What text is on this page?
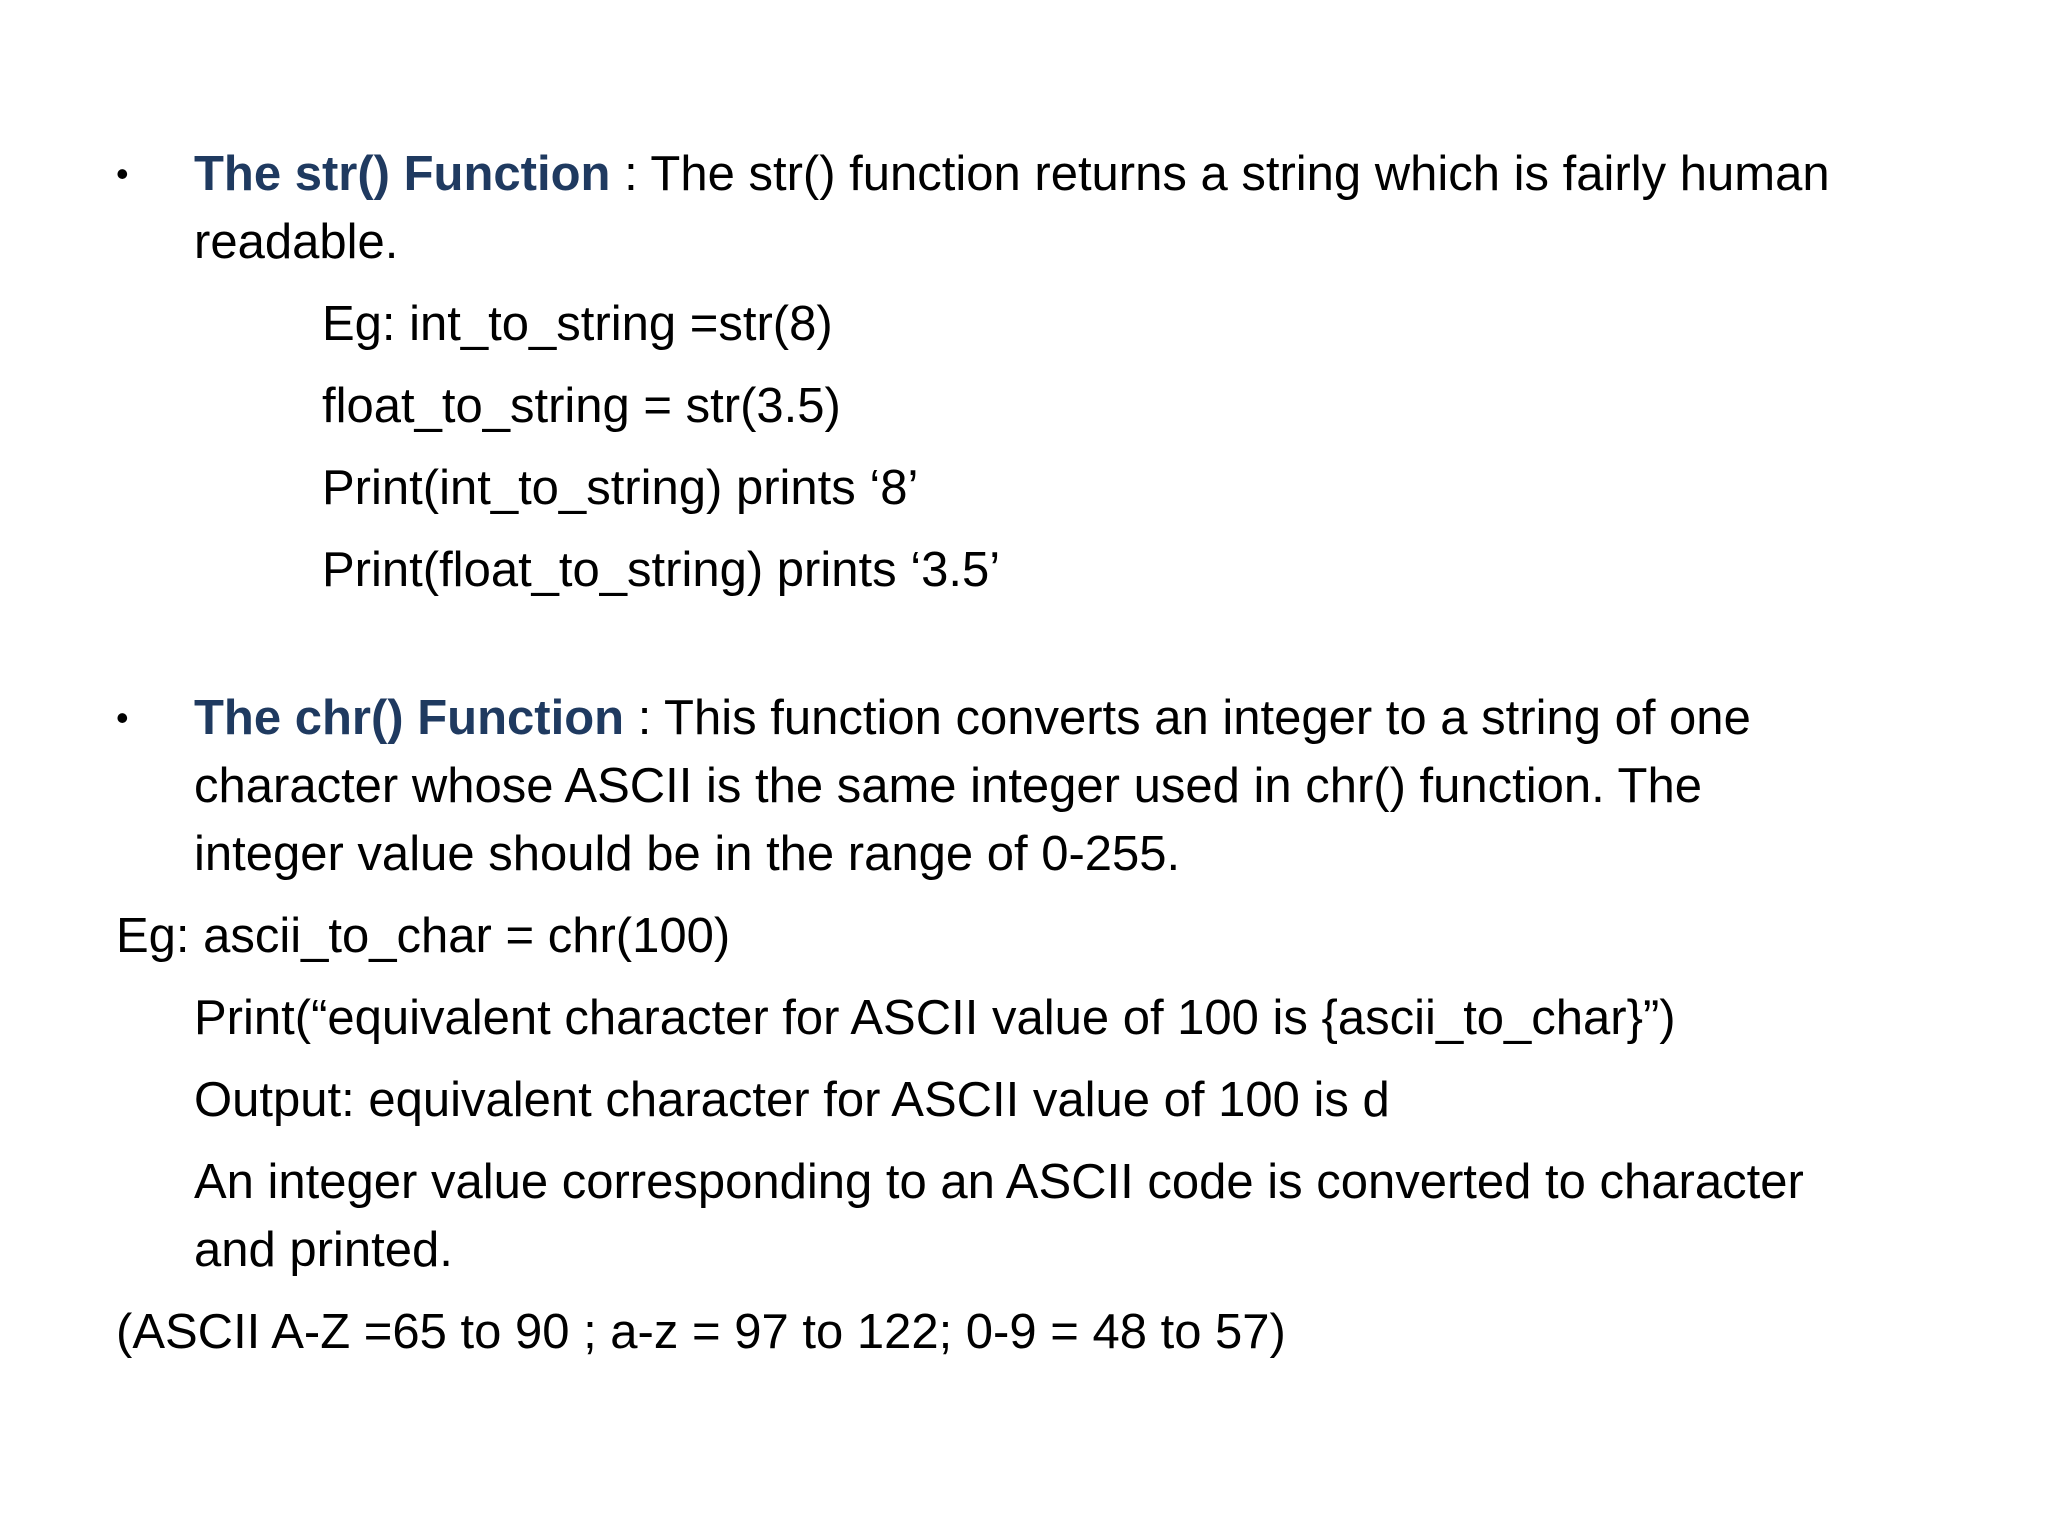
• The str() Function : The str() function returns a string which is fairly human
readable.
Eg: int_to_string =str(8)
float_to_string = str(3.5)
Print(int_to_string) prints ‘8’
Print(float_to_string) prints ‘3.5’
• The chr() Function : This function converts an integer to a string of one
character whose ASCII is the same integer used in chr() function. The
integer value should be in the range of 0-255.
Eg: ascii_to_char = chr(100)
Print(“equivalent character for ASCII value of 100 is {ascii_to_char}”)
Output: equivalent character for ASCII value of 100 is d
An integer value corresponding to an ASCII code is converted to character
and printed.
(ASCII A-Z =65 to 90 ; a-z = 97 to 122; 0-9 = 48 to 57)
